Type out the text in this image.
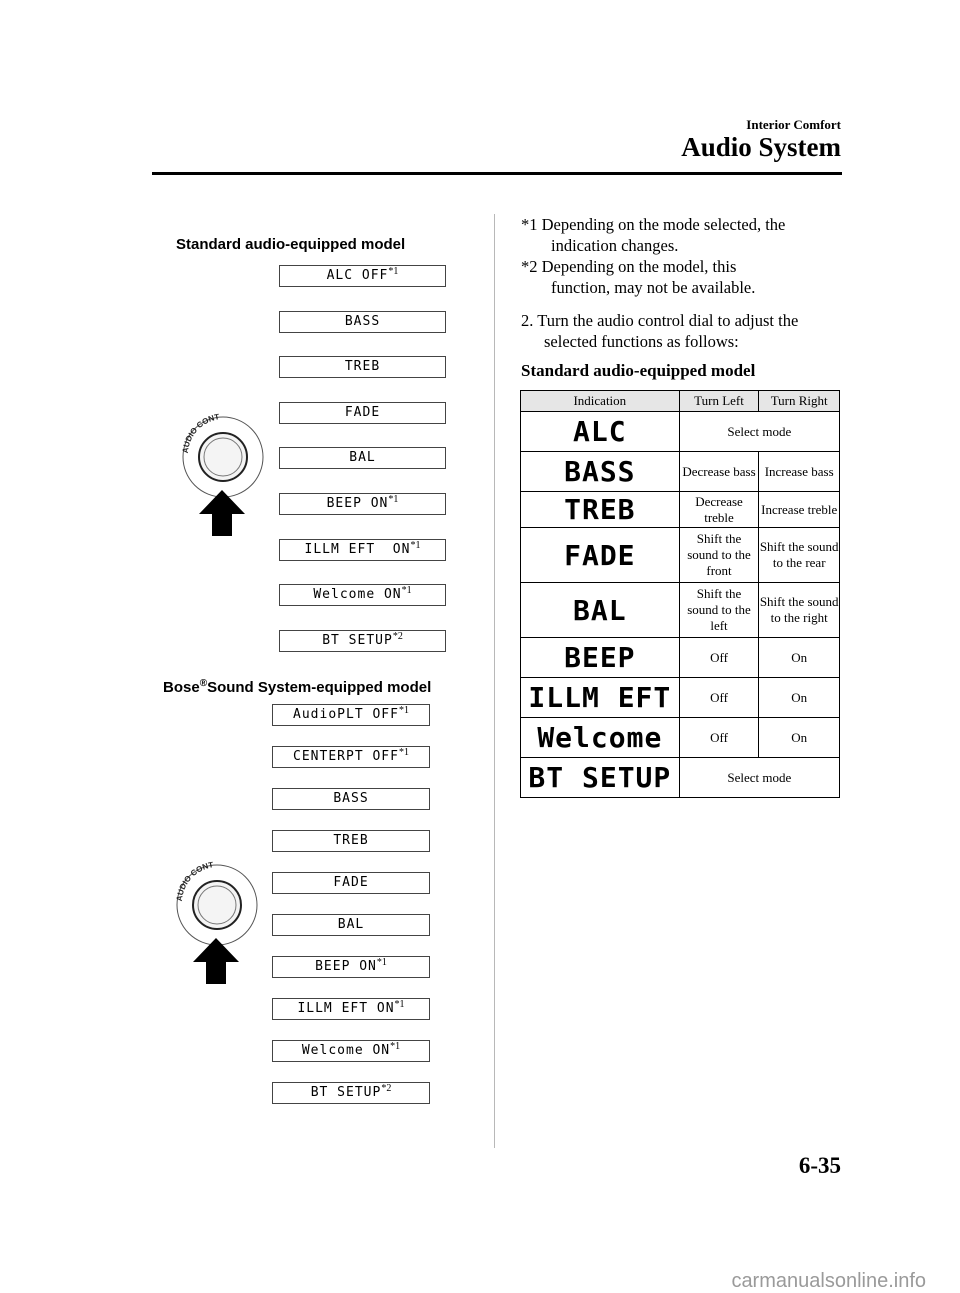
Interior Comfort
Audio System
Standard audio-equipped model
ALC OFF$^{*1}$
BASS
TREB
FADE
BAL
BEEP ON$^{*1}$
ILLM EFT  ON$^{*1}$
Welcome ON$^{*1}$
BT SETUP$^{*2}$
AUDIO CONT
Bose®Sound System-equipped model
AudioPLT OFF$^{*1}$
CENTERPT OFF$^{*1}$
BASS
TREB
FADE
BAL
BEEP ON$^{*1}$
ILLM EFT ON$^{*1}$
Welcome ON$^{*1}$
BT SETUP$^{*2}$
AUDIO CONT
*1 Depending on the mode selected, the
indication changes.
*2 Depending on the model, this
function, may not be available.
2. Turn the audio control dial to adjust the
selected functions as follows:
Standard audio-equipped model
Indication	Turn Left	Turn Right
ALC	Select mode	
BASS	Decrease bass	Increase bass
TREB	Decrease treble	Increase treble
FADE	Shift the sound to the front	Shift the sound to the rear
BAL	Shift the sound to the left	Shift the sound to the right
BEEP	Off	On
ILLM EFT	Off	On
Welcome	Off	On
BT SETUP	Select mode	
6-35
carmanualsonline.info
